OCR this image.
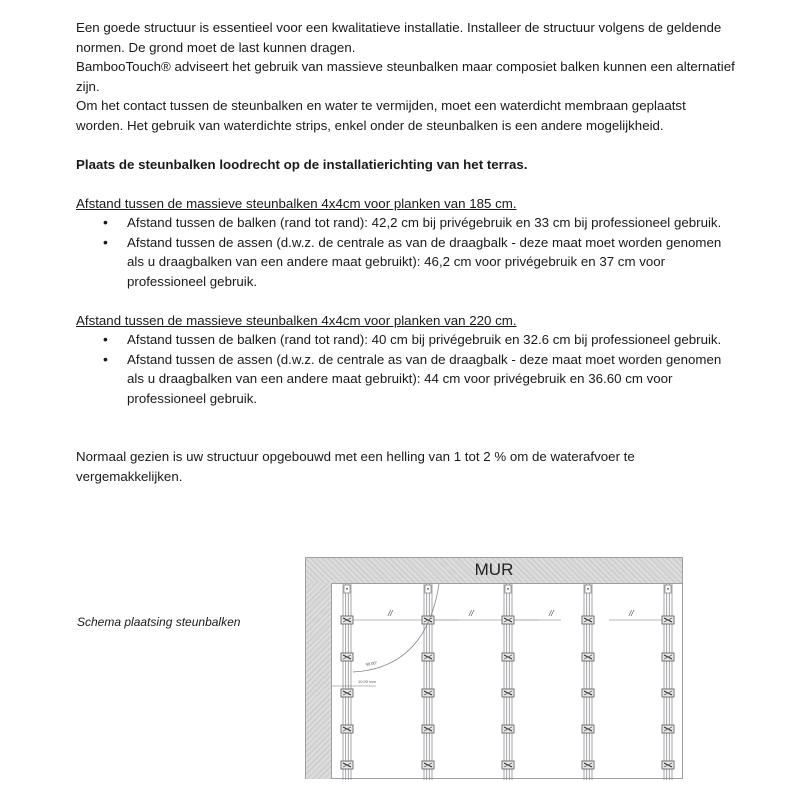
Een goede structuur is essentieel voor een kwalitatieve installatie. Installeer de structuur volgens de geldende normen. De grond moet de last kunnen dragen.

BambooTouch® adviseert het gebruik van massieve steunbalken maar composiet balken kunnen een alternatief zijn.

Om het contact tussen de steunbalken en water te vermijden, moet een waterdicht membraan geplaatst worden. Het gebruik van waterdichte strips, enkel onder de steunbalken is een andere mogelijkheid.

Plaats de steunbalken loodrecht op de installatierichting van het terras.

Afstand tussen de massieve steunbalken 4x4cm voor planken van 185 cm.

• Afstand tussen de balken (rand tot rand): 42,2 cm bij privégebruik en 33 cm bij professioneel gebruik.
• Afstand tussen de assen (d.w.z. de centrale as van de draagbalk - deze maat moet worden genomen als u draagbalken van een andere maat gebruikt): 46,2 cm voor privégebruik en 37 cm voor professioneel gebruik.

Afstand tussen de massieve steunbalken 4x4cm voor planken van 220 cm.

• Afstand tussen de balken (rand tot rand): 40 cm bij privégebruik en 32.6 cm bij professioneel gebruik.
• Afstand tussen de assen (d.w.z. de centrale as van de draagbalk - deze maat moet worden genomen als u draagbalken van een andere maat gebruikt): 44 cm voor privégebruik en 36.60 cm voor professioneel gebruik.

Normaal gezien is uw structuur opgebouwd met een helling van 1 tot 2 % om de waterafvoer te vergemakkelijken.

Schema plaatsing steunbalken
MUR
//	//	//	//
90,00°
10,00 mm
